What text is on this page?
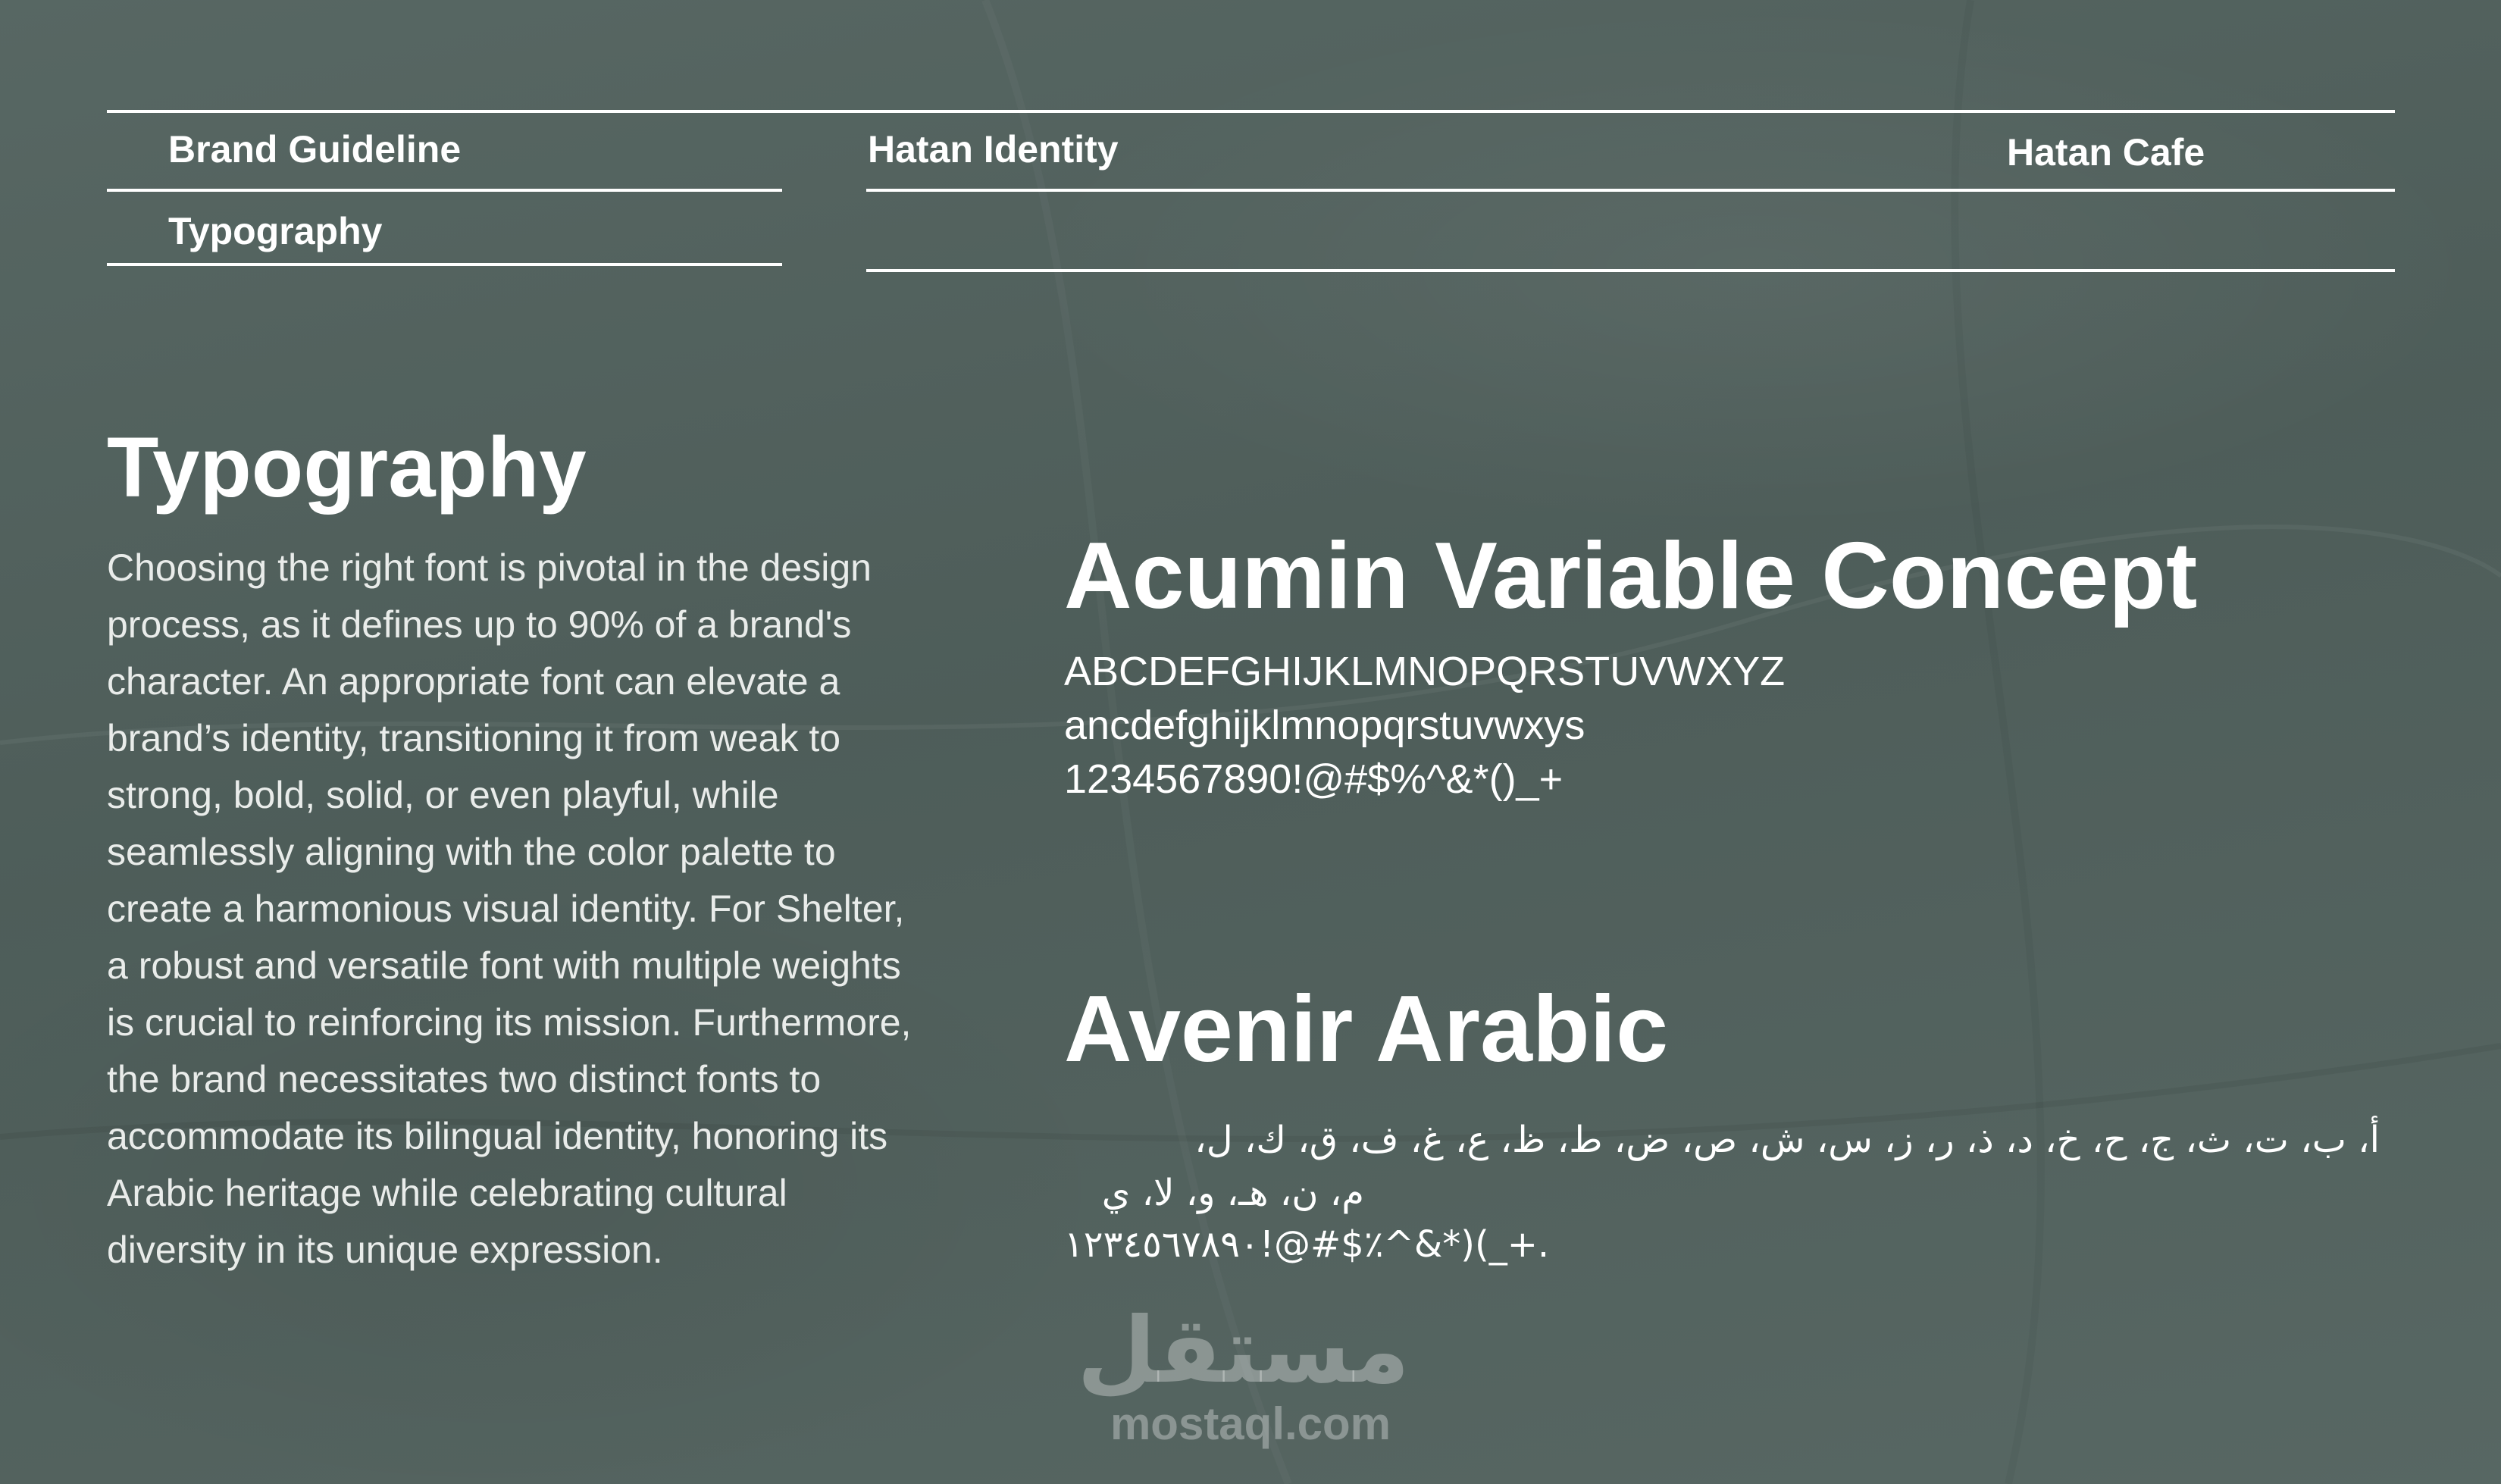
Brand Guideline
Typography
Hatan Identity	Hatan Cafe
Typography

Choosing the right font is pivotal in the design process, as it defines up to 90% of a brand's character. An appropriate font can elevate a brand’s identity, transitioning it from weak to strong, bold, solid, or even playful, while seamlessly aligning with the color palette to create a harmonious visual identity. For Shelter, a robust and versatile font with multiple weights is crucial to reinforcing its mission. Furthermore, the brand necessitates two distinct fonts to accommodate its bilingual identity, honoring its Arabic heritage while celebrating cultural diversity in its unique expression.

Acumin Variable Concept
ABCDEFGHIJKLMNOPQRSTUVWXYZ
ancdefghijklmnopqrstuvwxys
1234567890!@#$%^&*()_+
Avenir Arabic
أ، ب، ت، ث، ج، ح، خ، د، ذ، ر، ز، س، ش، ص، ض، ط، ظ، ع، غ، ف، ق، ك، ل،
م، ن، هـ، و، لا، ي
١٢٣٤٥٦٧٨٩٠!@#$٪^&*)(_+.
مستقل
mostaql.com
